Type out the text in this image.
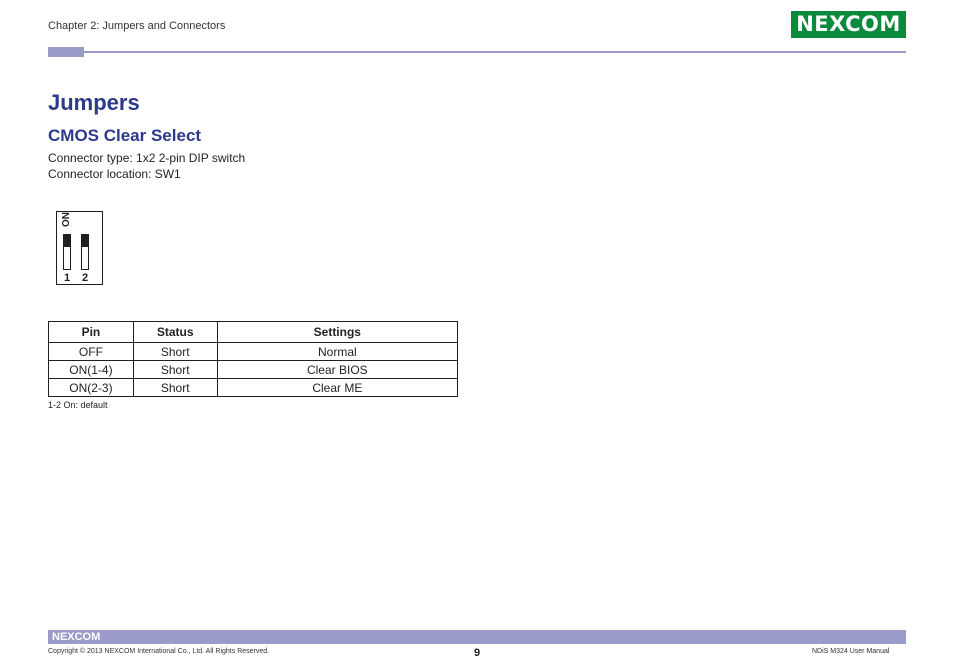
Chapter 2: Jumpers and Connectors	NEXCOM
Jumpers
CMOS Clear Select
Connector type: 1x2 2-pin DIP switch
Connector location: SW1
ON
1 2
Pin	Status	Settings
OFF	Short	Normal
ON(1-4)	Short	Clear BIOS
ON(2-3)	Short	Clear ME
1-2 On: default
NEXCOM
Copyright © 2013 NEXCOM International Co., Ltd. All Rights Reserved.	9	NDiS M324 User Manual
